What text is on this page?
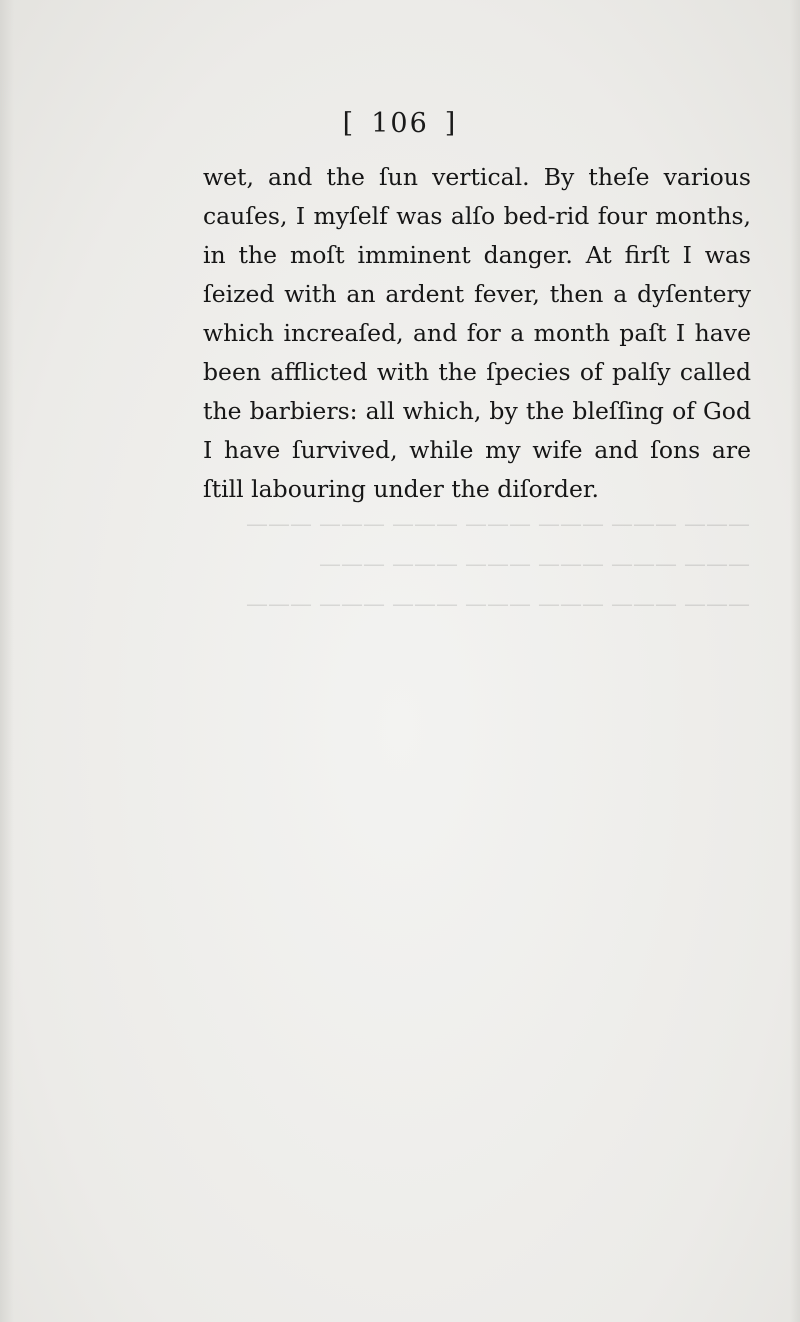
——— ——— ——— ——— ——— ——— ———
——— ——— ——— ——— ——— ———
——— ——— ——— ——— ——— ——— ———
[ 106 ]
wet, and the ſun vertical. By theſe various
cauſes, I myſelf was alſo bed-rid four months,
in the moſt imminent danger. At firſt I was
ſeized with an ardent fever, then a dyſentery
which increaſed, and for a month paſt I have
been afflicted with the ſpecies of palſy called
the barbiers: all which, by the bleſſing of God
I have ſurvived, while my wife and ſons are
ſtill labouring under the diſorder.
